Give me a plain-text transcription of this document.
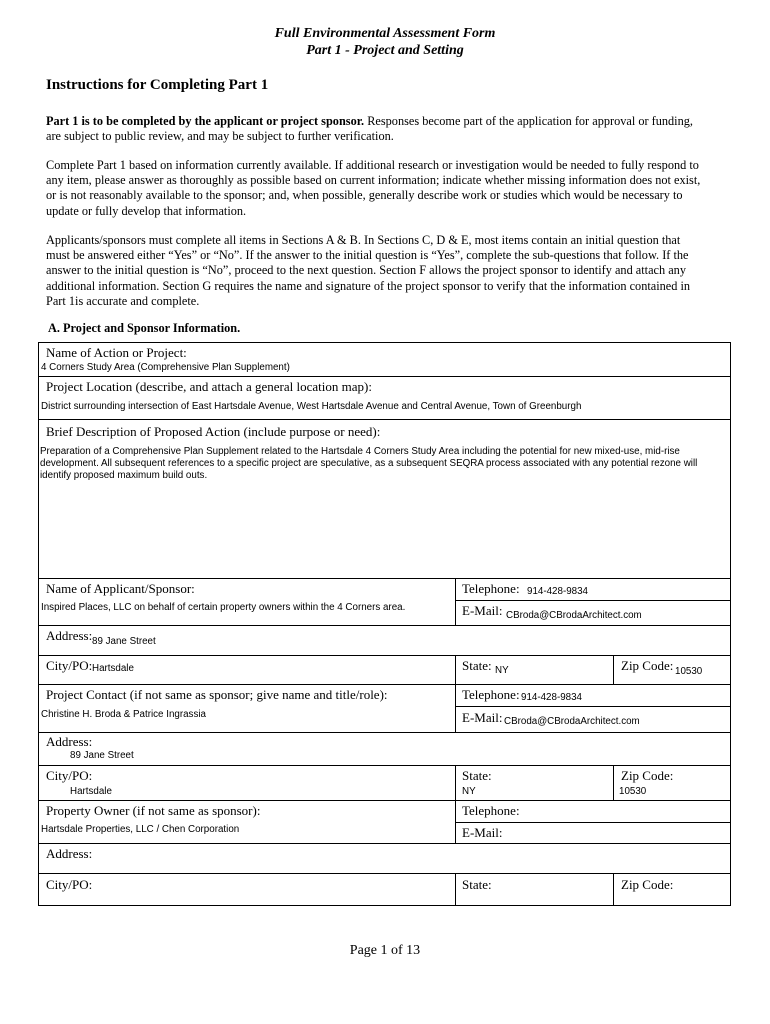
Full Environmental Assessment Form
Part 1 - Project and Setting
Instructions for Completing Part 1
Part 1 is to be completed by the applicant or project sponsor. Responses become part of the application for approval or funding,
are subject to public review, and may be subject to further verification.
Complete Part 1 based on information currently available. If additional research or investigation would be needed to fully respond to
any item, please answer as thoroughly as possible based on current information; indicate whether missing information does not exist,
or is not reasonably available to the sponsor; and, when possible, generally describe work or studies which would be necessary to
update or fully develop that information.
Applicants/sponsors must complete all items in Sections A & B. In Sections C, D & E, most items contain an initial question that
must be answered either “Yes” or “No”. If the answer to the initial question is “Yes”, complete the sub-questions that follow. If the
answer to the initial question is “No”, proceed to the next question. Section F allows the project sponsor to identify and attach any
additional information. Section G requires the name and signature of the project sponsor to verify that the information contained in
Part 1is accurate and complete.
A. Project and Sponsor Information.
Name of Action or Project:
4 Corners Study Area (Comprehensive Plan Supplement)
Project Location (describe, and attach a general location map):
District surrounding intersection of East Hartsdale Avenue, West Hartsdale Avenue and Central Avenue, Town of Greenburgh
Brief Description of Proposed Action (include purpose or need):
Preparation of a Comprehensive Plan Supplement related to the Hartsdale 4 Corners Study Area including the potential for new mixed-use, mid-rise development. All subsequent references to a specific project are speculative, as a subsequent SEQRA process associated with any potential rezone will identify proposed maximum build outs.
Name of Applicant/Sponsor:
Inspired Places, LLC on behalf of certain property owners within the 4 Corners area.
Telephone: 914-428-9834
E-Mail: CBroda@CBrodaArchitect.com
Address: 89 Jane Street
City/PO: Hartsdale	State: NY	Zip Code: 10530
Project Contact (if not same as sponsor; give name and title/role):
Christine H. Broda & Patrice Ingrassia
Telephone: 914-428-9834
E-Mail: CBroda@CBrodaArchitect.com
Address:
89 Jane Street
City/PO:
Hartsdale
State:
NY
Zip Code:
10530
Property Owner (if not same as sponsor):
Hartsdale Properties, LLC / Chen Corporation
Telephone:
E-Mail:
Address:
City/PO:	State:	Zip Code:
Page 1 of 13
